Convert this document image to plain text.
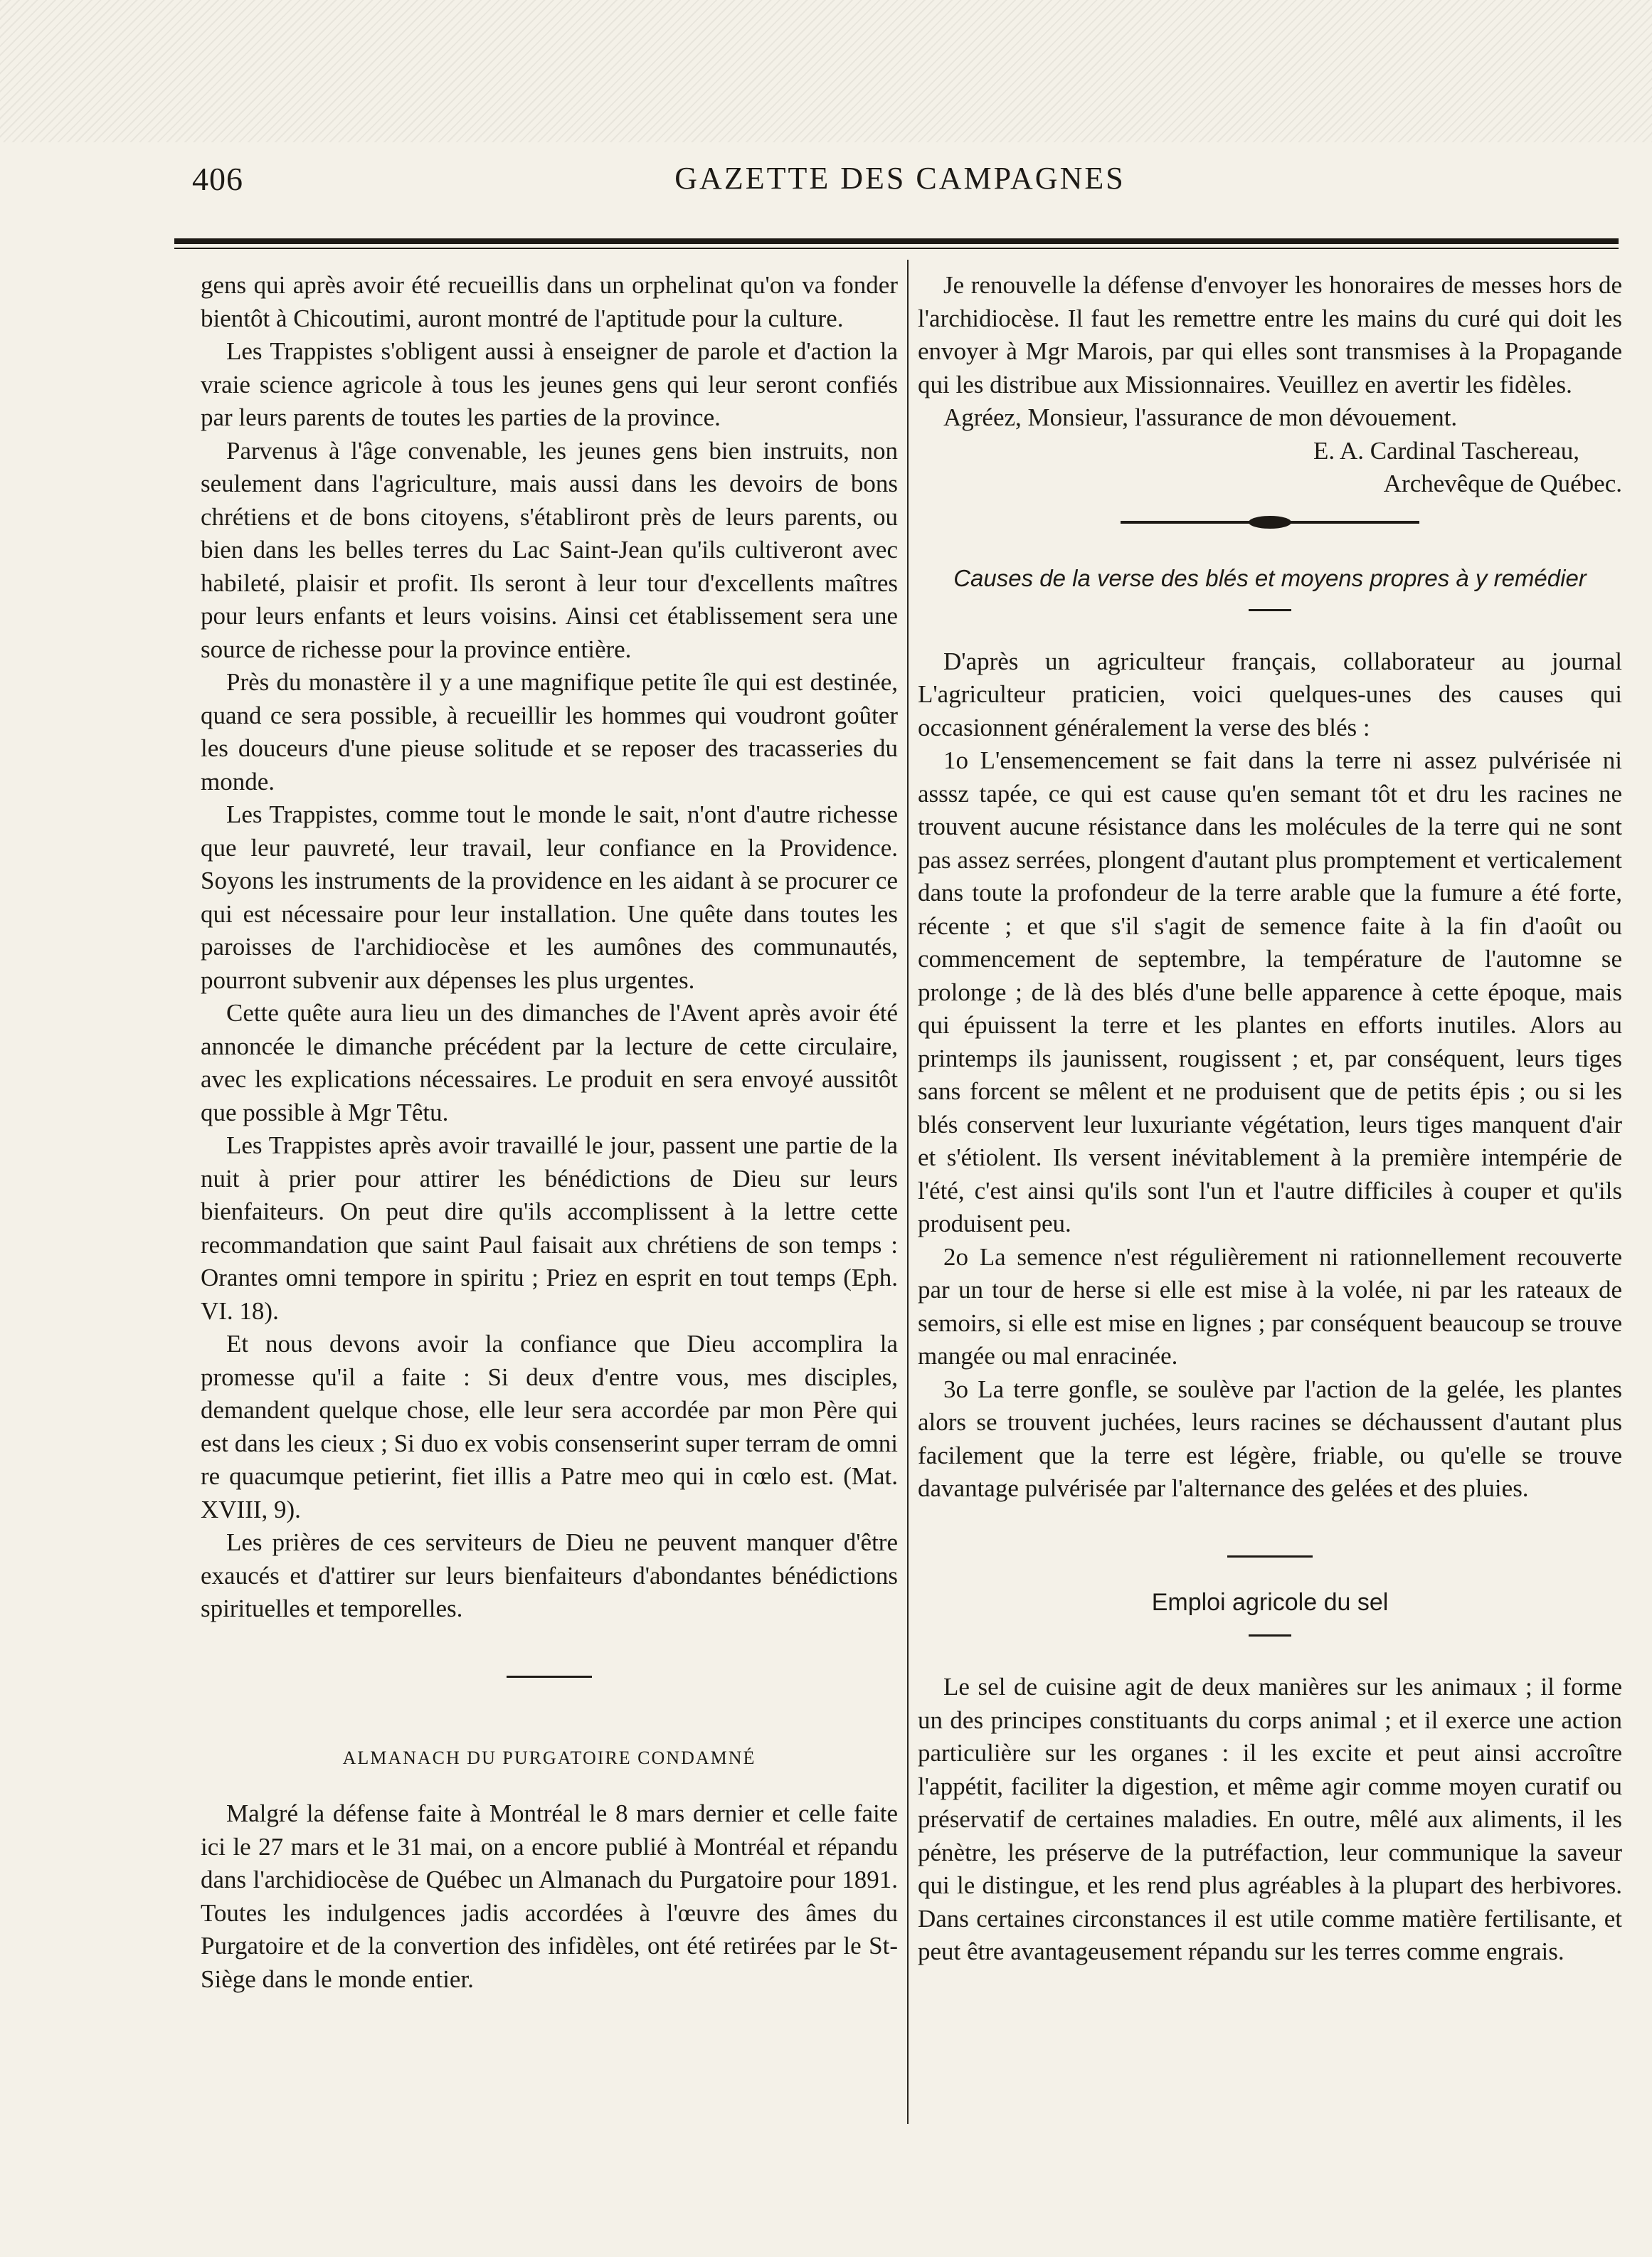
406	GAZETTE DES CAMPAGNES

gens qui après avoir été recueillis dans un orphelinat qu'on va fonder bientôt à Chicoutimi, auront montré de l'aptitude pour la culture.

Les Trappistes s'obligent aussi à enseigner de parole et d'action la vraie science agricole à tous les jeunes gens qui leur seront confiés par leurs parents de toutes les parties de la province.

Parvenus à l'âge convenable, les jeunes gens bien instruits, non seulement dans l'agriculture, mais aussi dans les devoirs de bons chrétiens et de bons citoyens, s'établiront près de leurs parents, ou bien dans les belles terres du Lac Saint-Jean qu'ils cultiveront avec habileté, plaisir et profit. Ils seront à leur tour d'excellents maîtres pour leurs enfants et leurs voisins. Ainsi cet établissement sera une source de richesse pour la province entière.

Près du monastère il y a une magnifique petite île qui est destinée, quand ce sera possible, à recueillir les hommes qui voudront goûter les douceurs d'une pieuse solitude et se reposer des tracasseries du monde.

Les Trappistes, comme tout le monde le sait, n'ont d'autre richesse que leur pauvreté, leur travail, leur confiance en la Providence. Soyons les instruments de la providence en les aidant à se procurer ce qui est nécessaire pour leur installation. Une quête dans toutes les paroisses de l'archidiocèse et les aumônes des communautés, pourront subvenir aux dépenses les plus urgentes.

Cette quête aura lieu un des dimanches de l'Avent après avoir été annoncée le dimanche précédent par la lecture de cette circulaire, avec les explications nécessaires. Le produit en sera envoyé aussitôt que possible à Mgr Têtu.

Les Trappistes après avoir travaillé le jour, passent une partie de la nuit à prier pour attirer les bénédictions de Dieu sur leurs bienfaiteurs. On peut dire qu'ils accomplissent à la lettre cette recommandation que saint Paul faisait aux chrétiens de son temps : Orantes omni tempore in spiritu ; Priez en esprit en tout temps (Eph. VI. 18).

Et nous devons avoir la confiance que Dieu accomplira la promesse qu'il a faite : Si deux d'entre vous, mes disciples, demandent quelque chose, elle leur sera accordée par mon Père qui est dans les cieux ; Si duo ex vobis consenserint super terram de omni re quacumque petierint, fiet illis a Patre meo qui in cœlo est. (Mat. XVIII, 9).

Les prières de ces serviteurs de Dieu ne peuvent manquer d'être exaucés et d'attirer sur leurs bienfaiteurs d'abondantes bénédictions spirituelles et temporelles.

ALMANACH DU PURGATOIRE CONDAMNÉ

Malgré la défense faite à Montréal le 8 mars dernier et celle faite ici le 27 mars et le 31 mai, on a encore publié à Montréal et répandu dans l'archidiocèse de Québec un Almanach du Purgatoire pour 1891. Toutes les indulgences jadis accordées à l'œuvre des âmes du Purgatoire et de la convertion des infidèles, ont été retirées par le St-Siège dans le monde entier.

Je renouvelle la défense d'envoyer les honoraires de messes hors de l'archidiocèse. Il faut les remettre entre les mains du curé qui doit les envoyer à Mgr Marois, par qui elles sont transmises à la Propagande qui les distribue aux Missionnaires. Veuillez en avertir les fidèles.

Agréez, Monsieur, l'assurance de mon dévouement.

E. A. Cardinal Taschereau,

Archevêque de Québec.

Causes de la verse des blés et moyens propres à y remédier

D'après un agriculteur français, collaborateur au journal L'agriculteur praticien, voici quelques-unes des causes qui occasionnent généralement la verse des blés :

1o L'ensemencement se fait dans la terre ni assez pulvérisée ni asssz tapée, ce qui est cause qu'en semant tôt et dru les racines ne trouvent aucune résistance dans les molécules de la terre qui ne sont pas assez serrées, plongent d'autant plus promptement et verticalement dans toute la profondeur de la terre arable que la fumure a été forte, récente ; et que s'il s'agit de semence faite à la fin d'août ou commencement de septembre, la température de l'automne se prolonge ; de là des blés d'une belle apparence à cette époque, mais qui épuissent la terre et les plantes en efforts inutiles. Alors au printemps ils jaunissent, rougissent ; et, par conséquent, leurs tiges sans forcent se mêlent et ne produisent que de petits épis ; ou si les blés conservent leur luxuriante végétation, leurs tiges manquent d'air et s'étiolent. Ils versent inévitablement à la première intempérie de l'été, c'est ainsi qu'ils sont l'un et l'autre difficiles à couper et qu'ils produisent peu.

2o La semence n'est régulièrement ni rationnellement recouverte par un tour de herse si elle est mise à la volée, ni par les rateaux de semoirs, si elle est mise en lignes ; par conséquent beaucoup se trouve mangée ou mal enracinée.

3o La terre gonfle, se soulève par l'action de la gelée, les plantes alors se trouvent juchées, leurs racines se déchaussent d'autant plus facilement que la terre est légère, friable, ou qu'elle se trouve davantage pulvérisée par l'alternance des gelées et des pluies.

Emploi agricole du sel

Le sel de cuisine agit de deux manières sur les animaux ; il forme un des principes constituants du corps animal ; et il exerce une action particulière sur les organes : il les excite et peut ainsi accroître l'appétit, faciliter la digestion, et même agir comme moyen curatif ou préservatif de certaines maladies. En outre, mêlé aux aliments, il les pénètre, les préserve de la putréfaction, leur communique la saveur qui le distingue, et les rend plus agréables à la plupart des herbivores. Dans certaines circonstances il est utile comme matière fertilisante, et peut être avantageusement répandu sur les terres comme engrais.
